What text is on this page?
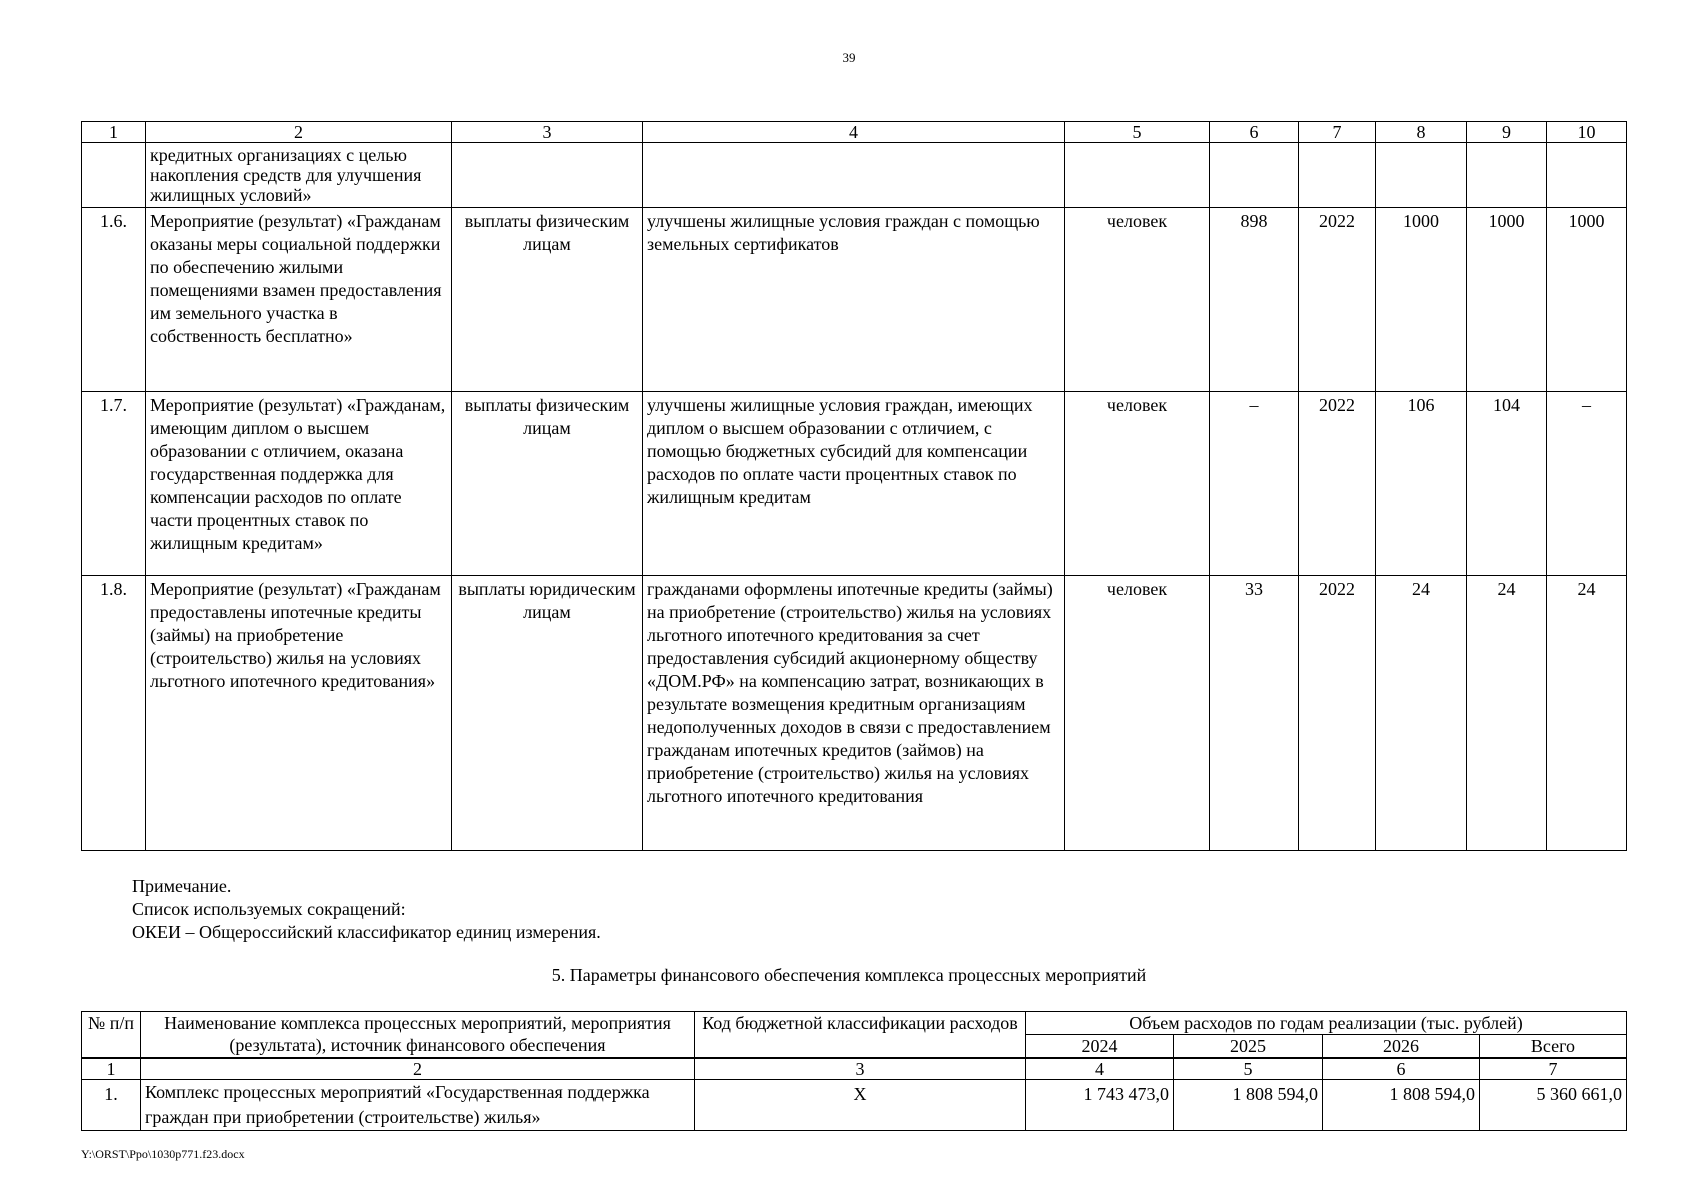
39
1	2	3	4	5	6	7	8	9	10
	кредитных организациях с целью накопления средств для улучшения жилищных условий»								
1.6.	Мероприятие (результат) «Гражданам оказаны меры социальной поддержки по обеспечению жилыми помещениями взамен предоставления им земельного участка в собственность бесплатно»	выплаты физическим лицам	улучшены жилищные условия граждан с помощью земельных сертификатов	человек	898	2022	1000	1000	1000
1.7.	Мероприятие (результат) «Гражданам, имеющим диплом о высшем образовании с отличием, оказана государственная поддержка для компенсации расходов по оплате части процентных ставок по жилищным кредитам»	выплаты физическим лицам	улучшены жилищные условия граждан, имеющих диплом о высшем образовании с отличием, с помощью бюджетных субсидий для компенсации расходов по оплате части процентных ставок по жилищным кредитам	человек	–	2022	106	104	–
1.8.	Мероприятие (результат) «Гражданам предоставлены ипотечные кредиты (займы) на приобретение (строительство) жилья на условиях льготного ипотечного кредитования»	выплаты юридическим лицам	гражданами оформлены ипотечные кредиты (займы) на приобретение (строительство) жилья на условиях льготного ипотечного кредитования за счет предоставления субсидий акционерному обществу «ДОМ.РФ» на компенсацию затрат, возникающих в результате возмещения кредитным организациям недополученных доходов в связи с предоставлением гражданам ипотечных кредитов (займов) на приобретение (строительство) жилья на условиях льготного ипотечного кредитования	человек	33	2022	24	24	24
Примечание.
Список используемых сокращений:
ОКЕИ – Общероссийский классификатор единиц измерения.
5. Параметры финансового обеспечения комплекса процессных мероприятий
№ п/п	Наименование комплекса процессных мероприятий, мероприятия (результата), источник финансового обеспечения	Код бюджетной классификации расходов	Объем расходов по годам реализации (тыс. рублей)			
			2024	2025	2026	Всего
1	2	3	4	5	6	7
1.	Комплекс процессных мероприятий «Государственная поддержка граждан при приобретении (строительстве) жилья»	Х	1 743 473,0	1 808 594,0	1 808 594,0	5 360 661,0
Y:\ORST\Ppo\1030p771.f23.docx
